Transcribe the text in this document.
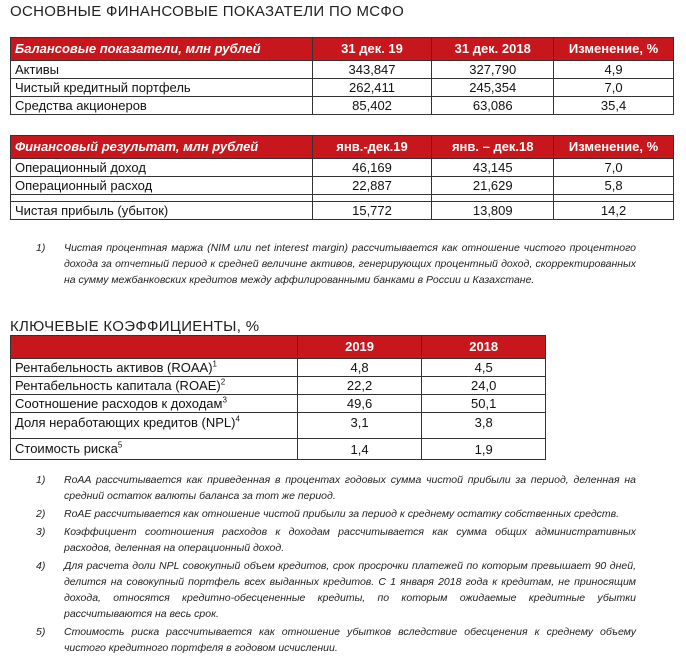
ОСНОВНЫЕ ФИНАНСОВЫЕ ПОКАЗАТЕЛИ ПО МСФО
Балансовые показатели, млн рублей	31 дек. 19	31 дек. 2018	Изменение, %
Активы	343,847	327,790	4,9
Чистый кредитный портфель	262,411	245,354	7,0
Средства акционеров	85,402	63,086	35,4
Финансовый результат, млн рублей	янв.-дек.19	янв. – дек.18	Изменение, %
Операционный доход	46,169	43,145	7,0
Операционный расход	22,887	21,629	5,8

Чистая прибыль (убыток)	15,772	13,809	14,2
1) Чистая процентная маржа (NIM или net interest margin) рассчитывается как отношение чистого процентного дохода за отчетный период к средней величине активов, генерирующих процентный доход, скорректированных на сумму межбанковских кредитов между аффилированными банками в России и Казахстане.
КЛЮЧЕВЫЕ КОЭФФИЦИЕНТЫ, %
	2019	2018
Рентабельность активов (ROAA)$^1$	4,8	4,5
Рентабельность капитала (ROAE)$^2$	22,2	24,0
Соотношение расходов к доходам$^3$	49,6	50,1
Доля неработающих кредитов (NPL)$^4$	3,1	3,8
Стоимость риска$^5$	1,4	1,9
1) RoAA рассчитывается как приведенная в процентах годовых сумма чистой прибыли за период, деленная на средний остаток валюты баланса за тот же период.
2) RoAE рассчитывается как отношение чистой прибыли за период к среднему остатку собственных средств.
3) Коэффициент соотношения расходов к доходам рассчитывается как сумма общих административных расходов, деленная на операционный доход.
4) Для расчета доли NPL совокупный объем кредитов, срок просрочки платежей по которым превышает 90 дней, делится на совокупный портфель всех выданных кредитов. С 1 января 2018 года к кредитам, не приносящим дохода, относятся кредитно-обесцененные кредиты, по которым ожидаемые кредитные убытки рассчитываются на весь срок.
5) Стоимость риска рассчитывается как отношение убытков вследствие обесценения к среднему объему чистого кредитного портфеля в годовом исчислении.
